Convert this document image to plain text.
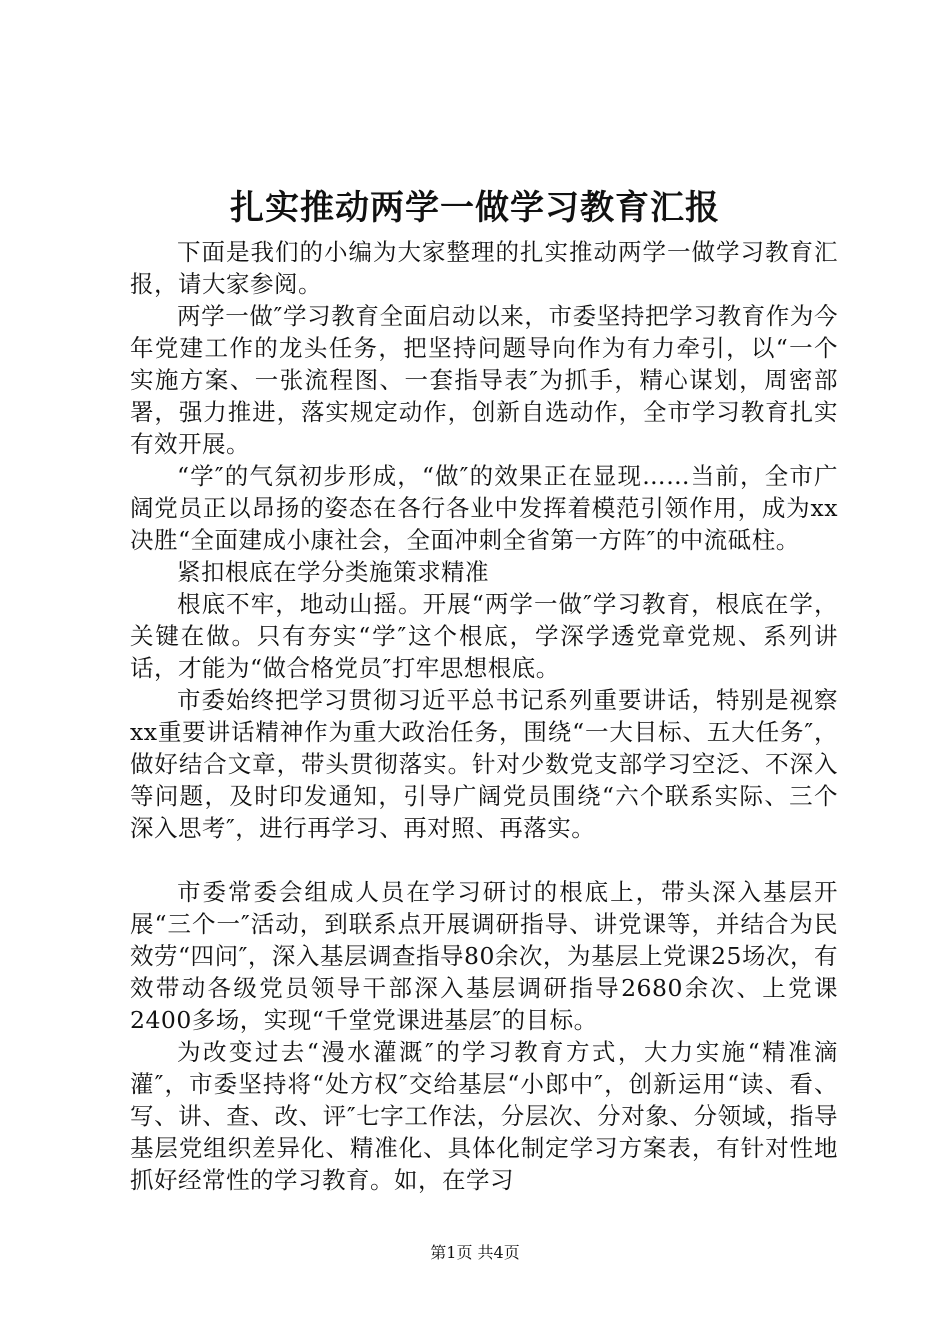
扎实推动两学一做学习教育汇报

下面是我们的小编为大家整理的扎实推动两学一做学习教育汇报，请大家参阅。

两学一做″学习教育全面启动以来，市委坚持把学习教育作为今年党建工作的龙头任务，把坚持问题导向作为有力牵引，以“一个实施方案、一张流程图、一套指导表″为抓手，精心谋划，周密部署，强力推进，落实规定动作，创新自选动作，全市学习教育扎实有效开展。

“学″的气氛初步形成，“做″的效果正在显现……当前，全市广阔党员正以昂扬的姿态在各行各业中发挥着模范引领作用，成为xx决胜“全面建成小康社会，全面冲刺全省第一方阵″的中流砥柱。

紧扣根底在学分类施策求精准

根底不牢，地动山摇。开展“两学一做″学习教育，根底在学，关键在做。只有夯实“学″这个根底，学深学透党章党规、系列讲话，才能为“做合格党员″打牢思想根底。

市委始终把学习贯彻习近平总书记系列重要讲话，特别是视察xx重要讲话精神作为重大政治任务，围绕“一大目标、五大任务″，做好结合文章，带头贯彻落实。针对少数党支部学习空泛、不深入等问题，及时印发通知，引导广阔党员围绕“六个联系实际、三个深入思考″，进行再学习、再对照、再落实。

市委常委会组成人员在学习研讨的根底上，带头深入基层开展“三个一″活动，到联系点开展调研指导、讲党课等，并结合为民效劳“四问″，深入基层调查指导80余次，为基层上党课25场次，有效带动各级党员领导干部深入基层调研指导2680余次、上党课2400多场，实现“千堂党课进基层″的目标。

为改变过去“漫水灌溉″的学习教育方式，大力实施“精准滴灌″，市委坚持将“处方权″交给基层“小郎中″，创新运用“读、看、写、讲、查、改、评″七字工作法，分层次、分对象、分领域，指导基层党组织差异化、精准化、具体化制定学习方案表，有针对性地抓好经常性的学习教育。如，在学习

第1页 共4页
